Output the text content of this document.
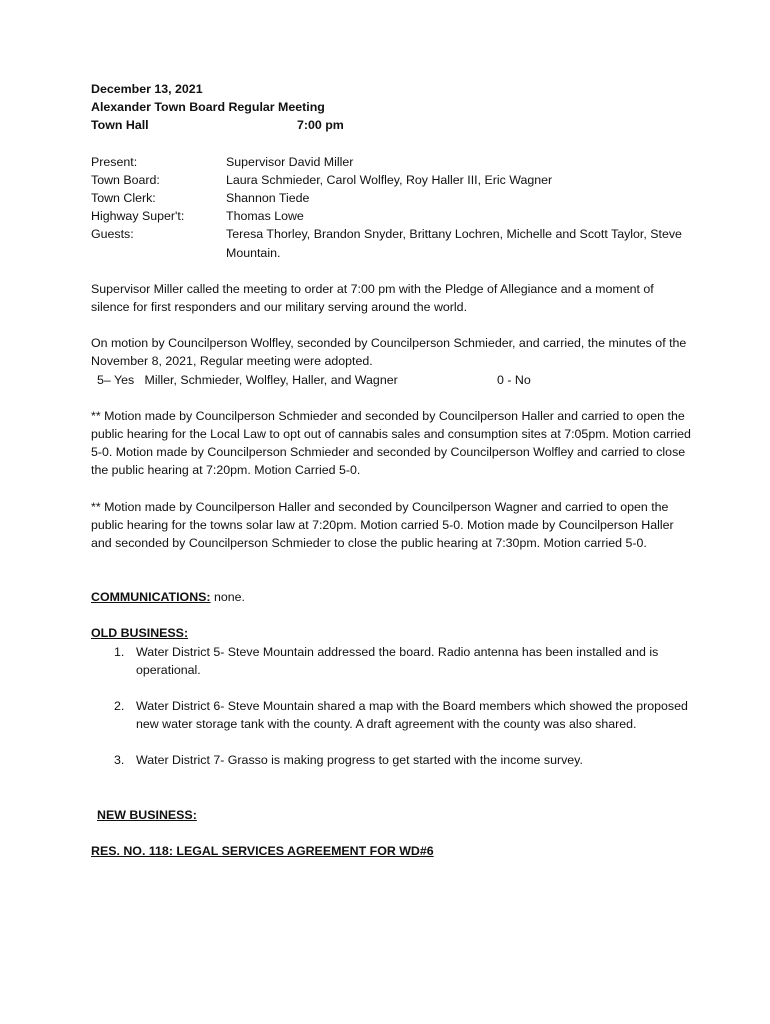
December 13, 2021
Alexander Town Board Regular Meeting
Town Hall	7:00 pm
Present:	Supervisor David Miller
Town Board:	Laura Schmieder, Carol Wolfley, Roy Haller III, Eric Wagner
Town Clerk:	Shannon Tiede
Highway Super't:	Thomas Lowe
Guests:	Teresa Thorley, Brandon Snyder, Brittany Lochren, Michelle and Scott Taylor, Steve Mountain.

Supervisor Miller called the meeting to order at 7:00 pm with the Pledge of Allegiance and a moment of silence for first responders and our military serving around the world.

On motion by Councilperson Wolfley, seconded by Councilperson Schmieder, and carried, the minutes of the November 8, 2021, Regular meeting were adopted.

5– Yes   Miller, Schmieder, Wolfley, Haller, and Wagner	0 - No

** Motion made by Councilperson Schmieder and seconded by Councilperson Haller and carried to open the public hearing for the Local Law to opt out of cannabis sales and consumption sites at 7:05pm. Motion carried 5-0. Motion made by Councilperson Schmieder and seconded by Councilperson Wolfley and carried to close the public hearing at 7:20pm. Motion Carried 5-0.

** Motion made by Councilperson Haller and seconded by Councilperson Wagner and carried to open the public hearing for the towns solar law at 7:20pm. Motion carried 5-0. Motion made by Councilperson Haller and seconded by Councilperson Schmieder to close the public hearing at 7:30pm. Motion carried 5-0.

COMMUNICATIONS: none.
OLD BUSINESS:
1. Water District 5- Steve Mountain addressed the board. Radio antenna has been installed and is operational.
2. Water District 6- Steve Mountain shared a map with the Board members which showed the proposed new water storage tank with the county. A draft agreement with the county was also shared.
3. Water District 7- Grasso is making progress to get started with the income survey.
NEW BUSINESS:
RES. NO. 118: LEGAL SERVICES AGREEMENT FOR WD#6
